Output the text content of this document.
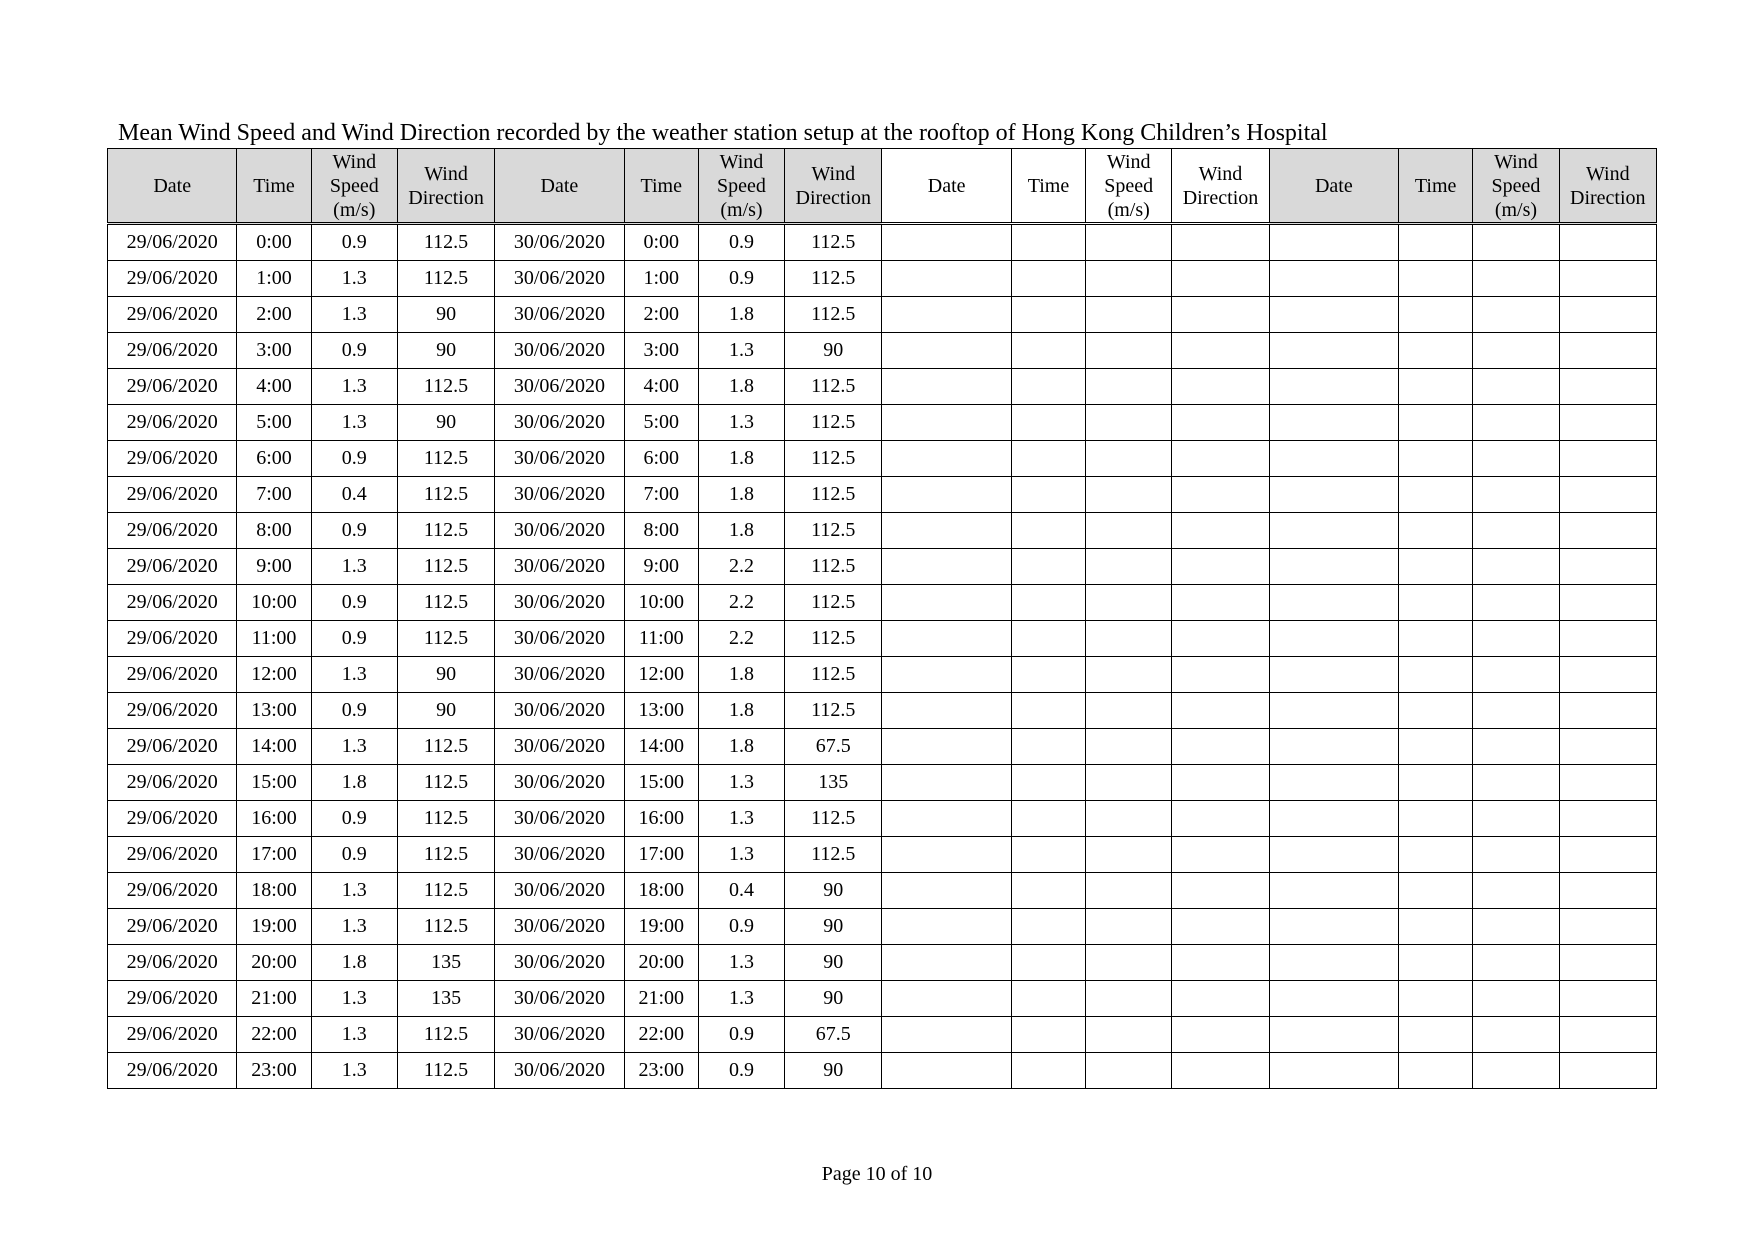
Mean Wind Speed and Wind Direction recorded by the weather station setup at the rooftop of Hong Kong Children’s Hospital
Date	Time	Wind
Speed
(m/s)	Wind
Direction	Date	Time	Wind
Speed
(m/s)	Wind
Direction	Date	Time	Wind
Speed
(m/s)	Wind
Direction	Date	Time	Wind
Speed
(m/s)	Wind
Direction
29/06/2020	0:00	0.9	112.5	30/06/2020	0:00	0.9	112.5								
29/06/2020	1:00	1.3	112.5	30/06/2020	1:00	0.9	112.5								
29/06/2020	2:00	1.3	90	30/06/2020	2:00	1.8	112.5								
29/06/2020	3:00	0.9	90	30/06/2020	3:00	1.3	90								
29/06/2020	4:00	1.3	112.5	30/06/2020	4:00	1.8	112.5								
29/06/2020	5:00	1.3	90	30/06/2020	5:00	1.3	112.5								
29/06/2020	6:00	0.9	112.5	30/06/2020	6:00	1.8	112.5								
29/06/2020	7:00	0.4	112.5	30/06/2020	7:00	1.8	112.5								
29/06/2020	8:00	0.9	112.5	30/06/2020	8:00	1.8	112.5								
29/06/2020	9:00	1.3	112.5	30/06/2020	9:00	2.2	112.5								
29/06/2020	10:00	0.9	112.5	30/06/2020	10:00	2.2	112.5								
29/06/2020	11:00	0.9	112.5	30/06/2020	11:00	2.2	112.5								
29/06/2020	12:00	1.3	90	30/06/2020	12:00	1.8	112.5								
29/06/2020	13:00	0.9	90	30/06/2020	13:00	1.8	112.5								
29/06/2020	14:00	1.3	112.5	30/06/2020	14:00	1.8	67.5								
29/06/2020	15:00	1.8	112.5	30/06/2020	15:00	1.3	135								
29/06/2020	16:00	0.9	112.5	30/06/2020	16:00	1.3	112.5								
29/06/2020	17:00	0.9	112.5	30/06/2020	17:00	1.3	112.5								
29/06/2020	18:00	1.3	112.5	30/06/2020	18:00	0.4	90								
29/06/2020	19:00	1.3	112.5	30/06/2020	19:00	0.9	90								
29/06/2020	20:00	1.8	135	30/06/2020	20:00	1.3	90								
29/06/2020	21:00	1.3	135	30/06/2020	21:00	1.3	90								
29/06/2020	22:00	1.3	112.5	30/06/2020	22:00	0.9	67.5								
29/06/2020	23:00	1.3	112.5	30/06/2020	23:00	0.9	90								
Page 10 of 10
